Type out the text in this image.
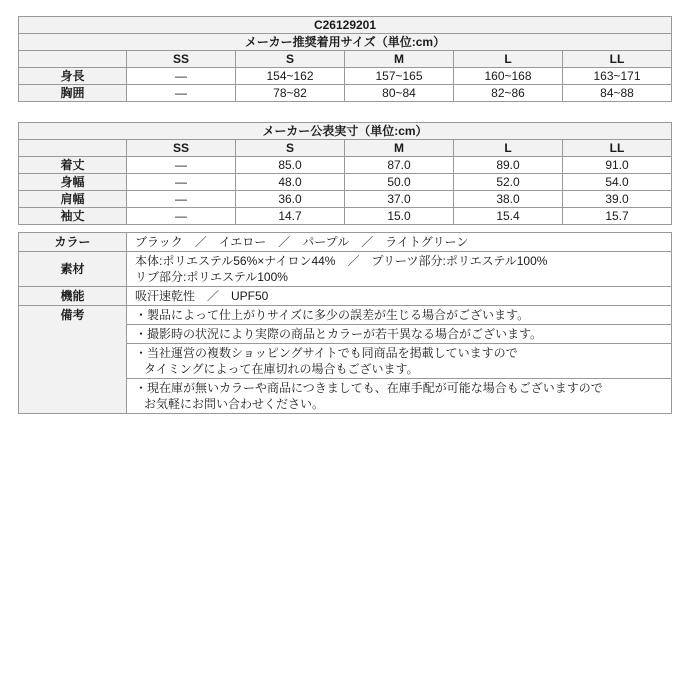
C26129201					
メーカー推奨着用サイズ（単位:cm）					
	SS	S	M	L	LL
身長	—	154~162	157~165	160~168	163~171
胸囲	—	78~82	80~84	82~86	84~88
メーカー公表実寸（単位:cm）					
	SS	S	M	L	LL
着丈	—	85.0	87.0	89.0	91.0
身幅	—	48.0	50.0	52.0	54.0
肩幅	—	36.0	37.0	38.0	39.0
袖丈	—	14.7	15.0	15.4	15.7
カラー	ブラック　／　イエロー　／　パープル　／　ライトグリーン
素材	本体:ポリエステル56%×ナイロン44%　／　プリーツ部分:ポリエステル100%
リブ部分:ポリエステル100%

機能	吸汗速乾性　／　UPF50
備考	・製品によって仕上がりサイズに多少の誤差が生じる場合がございます。

	・撮影時の状況により実際の商品とカラーが若干異なる場合がございます。

	・当社運営の複数ショッピングサイトでも同商品を掲載していますので
タイミングによって在庫切れの場合もございます。

	・現在庫が無いカラーや商品につきましても、在庫手配が可能な場合もございますので
お気軽にお問い合わせください。
